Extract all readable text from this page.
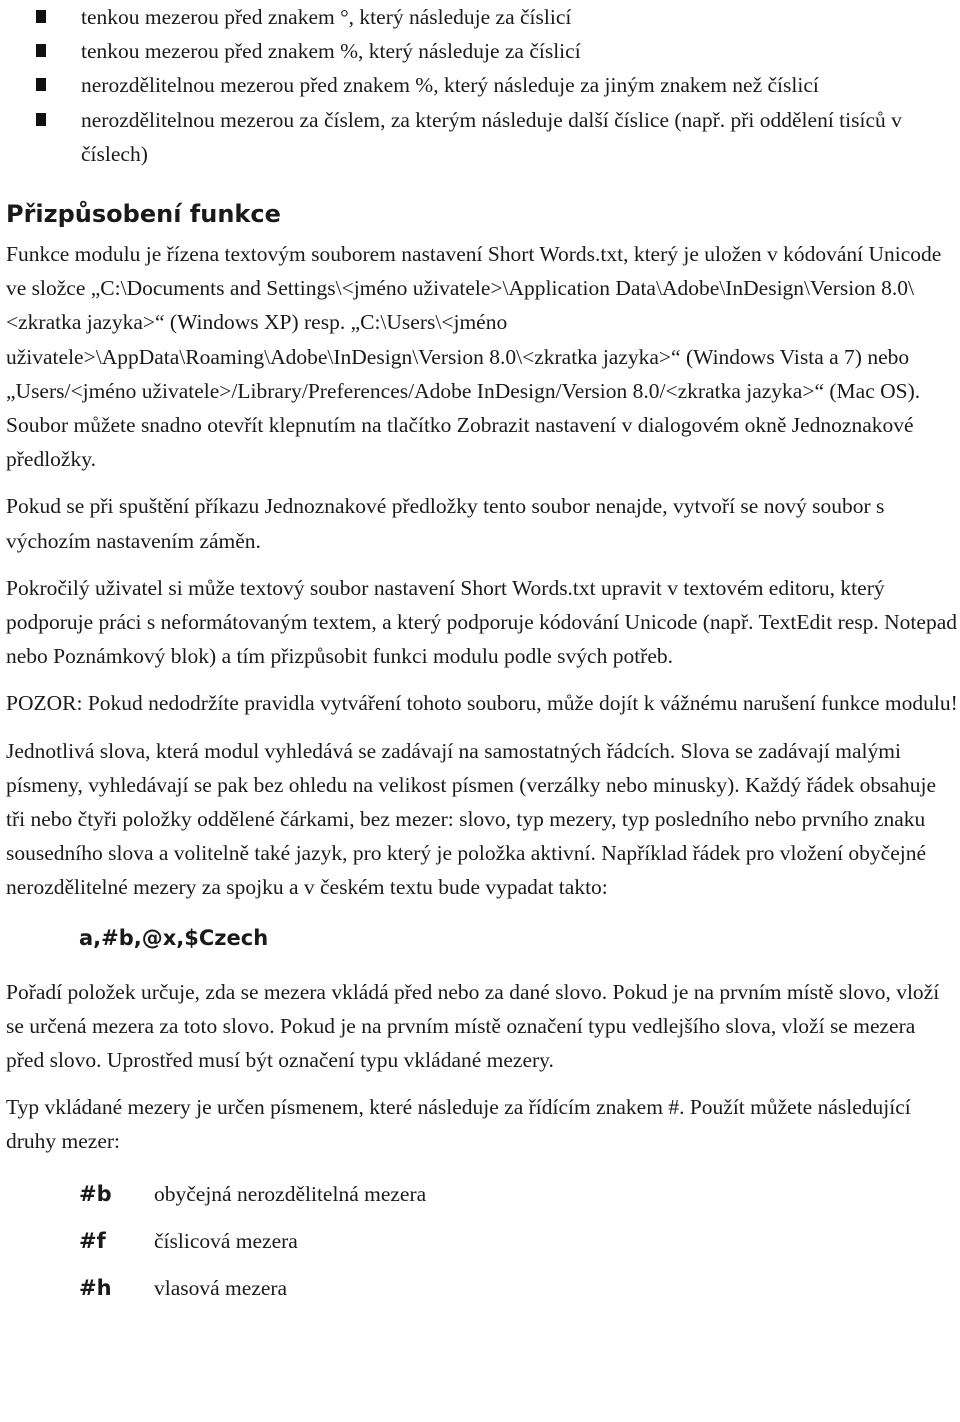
tenkou mezerou před znakem °, který následuje za číslicí
tenkou mezerou před znakem %, který následuje za číslicí
nerozdělitelnou mezerou před znakem %, který následuje za jiným znakem než číslicí
nerozdělitelnou mezerou za číslem, za kterým následuje další číslice (např. při oddělení tisíců v číslech)
Přizpůsobení funkce

Funkce modulu je řízena textovým souborem nastavení Short Words.txt, který je uložen v kódování Unicode ve složce „C:\Documents and Settings\<jméno uživatele>\Application Data\Adobe\InDesign\Version 8.0\<zkratka jazyka>“ (Windows XP) resp. „C:\Users\<jméno uživatele>\AppData\Roaming\Adobe\InDesign\Version 8.0\<zkratka jazyka>“ (Windows Vista a 7) nebo „Users/<jméno uživatele>/Library/Preferences/Adobe InDesign/Version 8.0/<zkratka jazyka>“ (Mac OS). Soubor můžete snadno otevřít klepnutím na tlačítko Zobrazit nastavení v dialogovém okně Jednoznakové předložky.

Pokud se při spuštění příkazu Jednoznakové předložky tento soubor nenajde, vytvoří se nový soubor s výchozím nastavením záměn.

Pokročilý uživatel si může textový soubor nastavení Short Words.txt upravit v textovém editoru, který podporuje práci s neformátovaným textem, a který podporuje kódování Unicode (např. TextEdit resp. Notepad nebo Poznámkový blok) a tím přizpůsobit funkci modulu podle svých potřeb.

POZOR: Pokud nedodržíte pravidla vytváření tohoto souboru, může dojít k vážnému narušení funkce modulu!

Jednotlivá slova, která modul vyhledává se zadávají na samostatných řádcích. Slova se zadávají malými písmeny, vyhledávají se pak bez ohledu na velikost písmen (verzálky nebo minusky). Každý řádek obsahuje tři nebo čtyři položky oddělené čárkami, bez mezer: slovo, typ mezery, typ posledního nebo prvního znaku sousedního slova a volitelně také jazyk, pro který je položka aktivní. Například řádek pro vložení obyčejné nerozdělitelné mezery za spojku a v českém textu bude vypadat takto:

a,#b,@x,$Czech

Pořadí položek určuje, zda se mezera vkládá před nebo za dané slovo. Pokud je na prvním místě slovo, vloží se určená mezera za toto slovo. Pokud je na prvním místě označení typu vedlejšího slova, vloží se mezera před slovo. Uprostřed musí být označení typu vkládané mezery.

Typ vkládané mezery je určen písmenem, které následuje za řídícím znakem #. Použít můžete následující druhy mezer:

#b	obyčejná nerozdělitelná mezera
#f	číslicová mezera
#h	vlasová mezera
